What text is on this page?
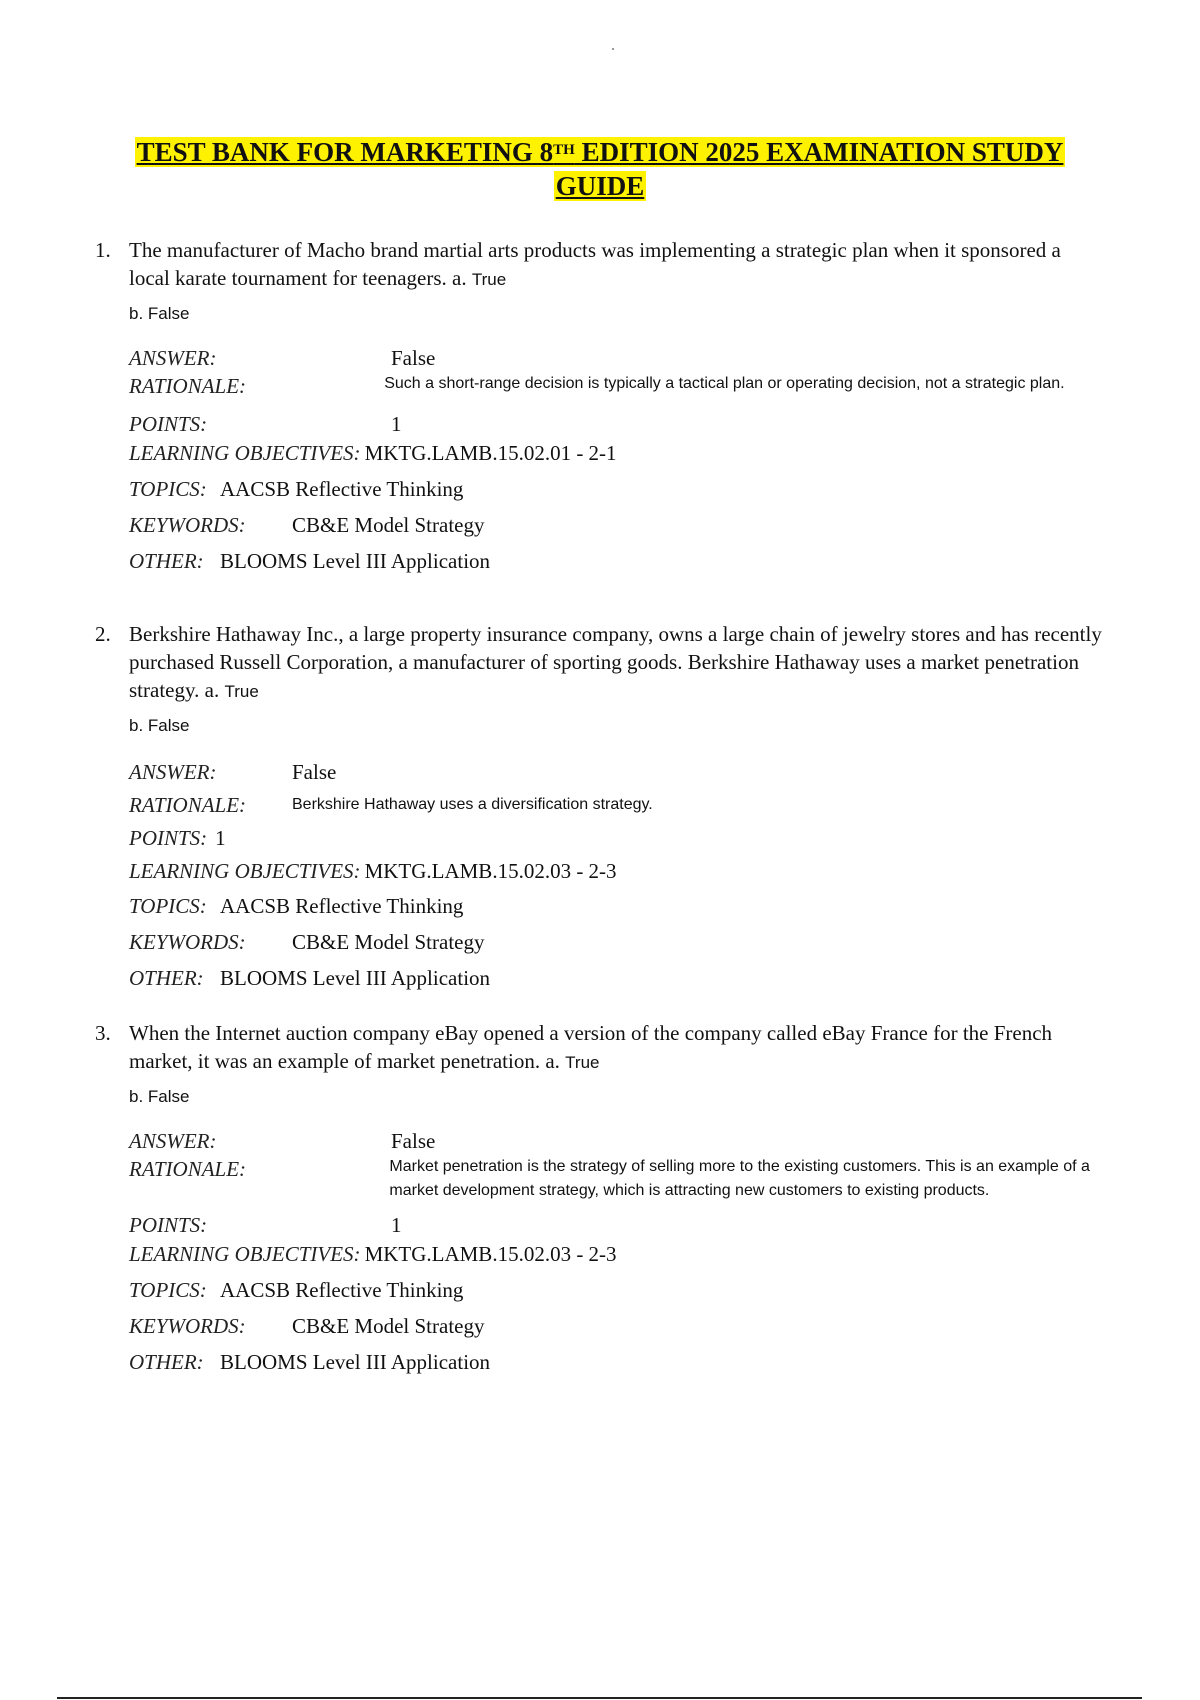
TEST BANK FOR MARKETING 8TH EDITION 2025 EXAMINATION STUDY
GUIDE
1. The manufacturer of Macho brand martial arts products was implementing a strategic plan when it sponsored a local karate tournament for teenagers. a. True
b. False
ANSWER:	False
RATIONALE:	Such a short-range decision is typically a tactical plan or operating decision, not a strategic plan.
POINTS:	1
LEARNING OBJECTIVES: MKTG.LAMB.15.02.01 - 2-1
TOPICS: AACSB Reflective Thinking
KEYWORDS:	CB&E Model Strategy
OTHER: BLOOMS Level III Application
2. Berkshire Hathaway Inc., a large property insurance company, owns a large chain of jewelry stores and has recently purchased Russell Corporation, a manufacturer of sporting goods. Berkshire Hathaway uses a market penetration strategy. a. True
b. False
ANSWER:	False
RATIONALE:	Berkshire Hathaway uses a diversification strategy.
POINTS: 1
LEARNING OBJECTIVES: MKTG.LAMB.15.02.03 - 2-3
TOPICS: AACSB Reflective Thinking
KEYWORDS:	CB&E Model Strategy
OTHER: BLOOMS Level III Application
3. When the Internet auction company eBay opened a version of the company called eBay France for the French market, it was an example of market penetration. a. True
b. False
ANSWER:	False
RATIONALE:	Market penetration is the strategy of selling more to the existing customers. This is an example of a market development strategy, which is attracting new customers to existing products.
POINTS:	1
LEARNING OBJECTIVES: MKTG.LAMB.15.02.03 - 2-3
TOPICS: AACSB Reflective Thinking
KEYWORDS:	CB&E Model Strategy
OTHER: BLOOMS Level III Application
